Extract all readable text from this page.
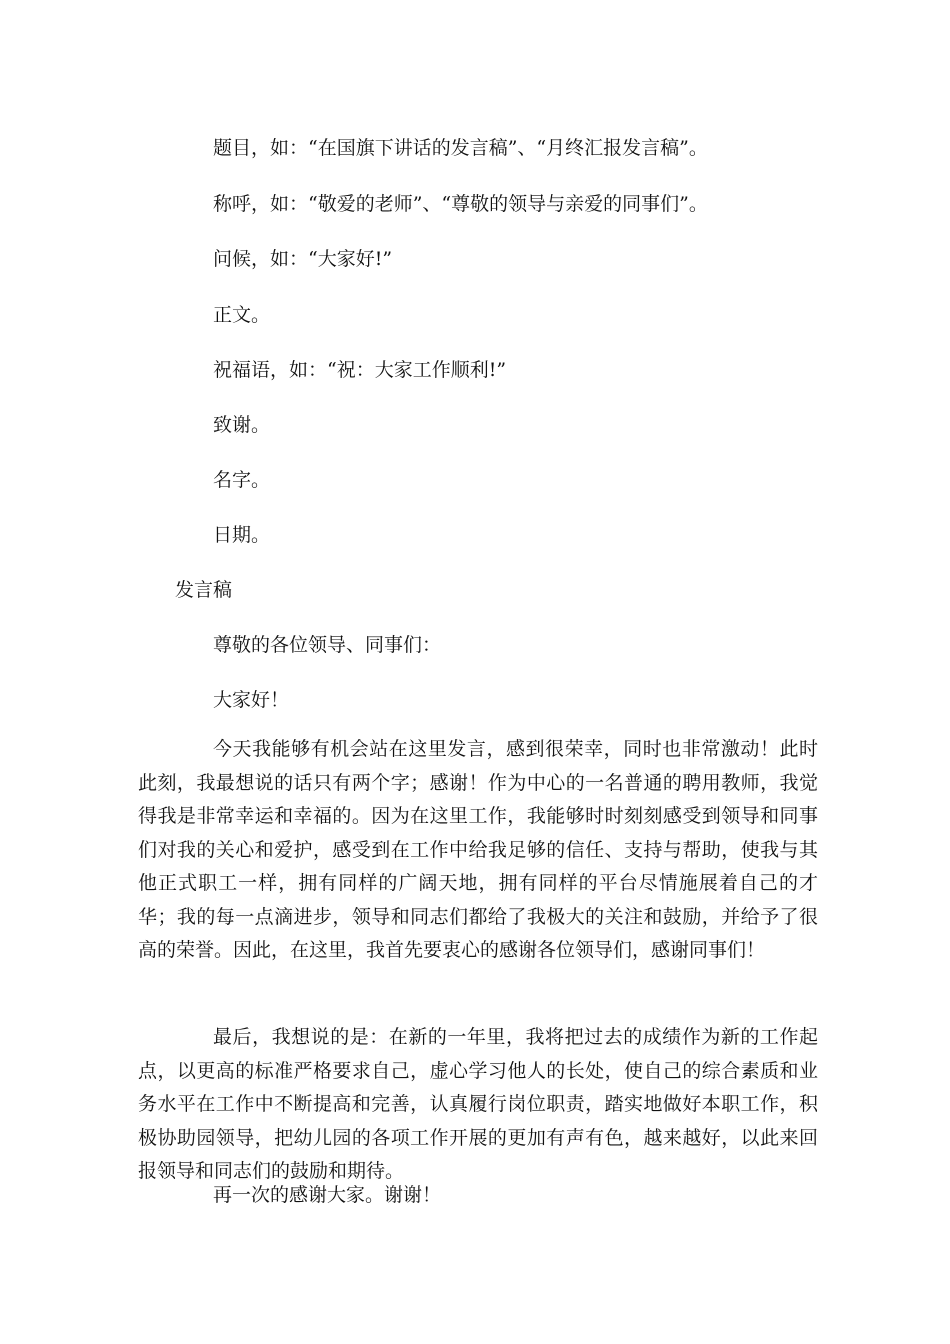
题目，如：“在国旗下讲话的发言稿”、“月终汇报发言稿”。

称呼，如：“敬爱的老师”、“尊敬的领导与亲爱的同事们”。

问候，如：“大家好!”

正文。

祝福语，如：“祝：大家工作顺利!”

致谢。

名字。

日期。

发言稿

尊敬的各位领导、同事们：

大家好！

今天我能够有机会站在这里发言，感到很荣幸，同时也非常激动！此时此刻，我最想说的话只有两个字；感谢！作为中心的一名普通的聘用教师，我觉得我是非常幸运和幸福的。因为在这里工作，我能够时时刻刻感受到领导和同事们对我的关心和爱护，感受到在工作中给我足够的信任、支持与帮助，使我与其他正式职工一样，拥有同样的广阔天地，拥有同样的平台尽情施展着自己的才华；我的每一点滴进步，领导和同志们都给了我极大的关注和鼓励，并给予了很高的荣誉。因此，在这里，我首先要衷心的感谢各位领导们，感谢同事们！

最后，我想说的是：在新的一年里，我将把过去的成绩作为新的工作起点，以更高的标准严格要求自己，虚心学习他人的长处，使自己的综合素质和业务水平在工作中不断提高和完善，认真履行岗位职责，踏实地做好本职工作，积极协助园领导，把幼儿园的各项工作开展的更加有声有色，越来越好，以此来回报领导和同志们的鼓励和期待。

再一次的感谢大家。谢谢！
